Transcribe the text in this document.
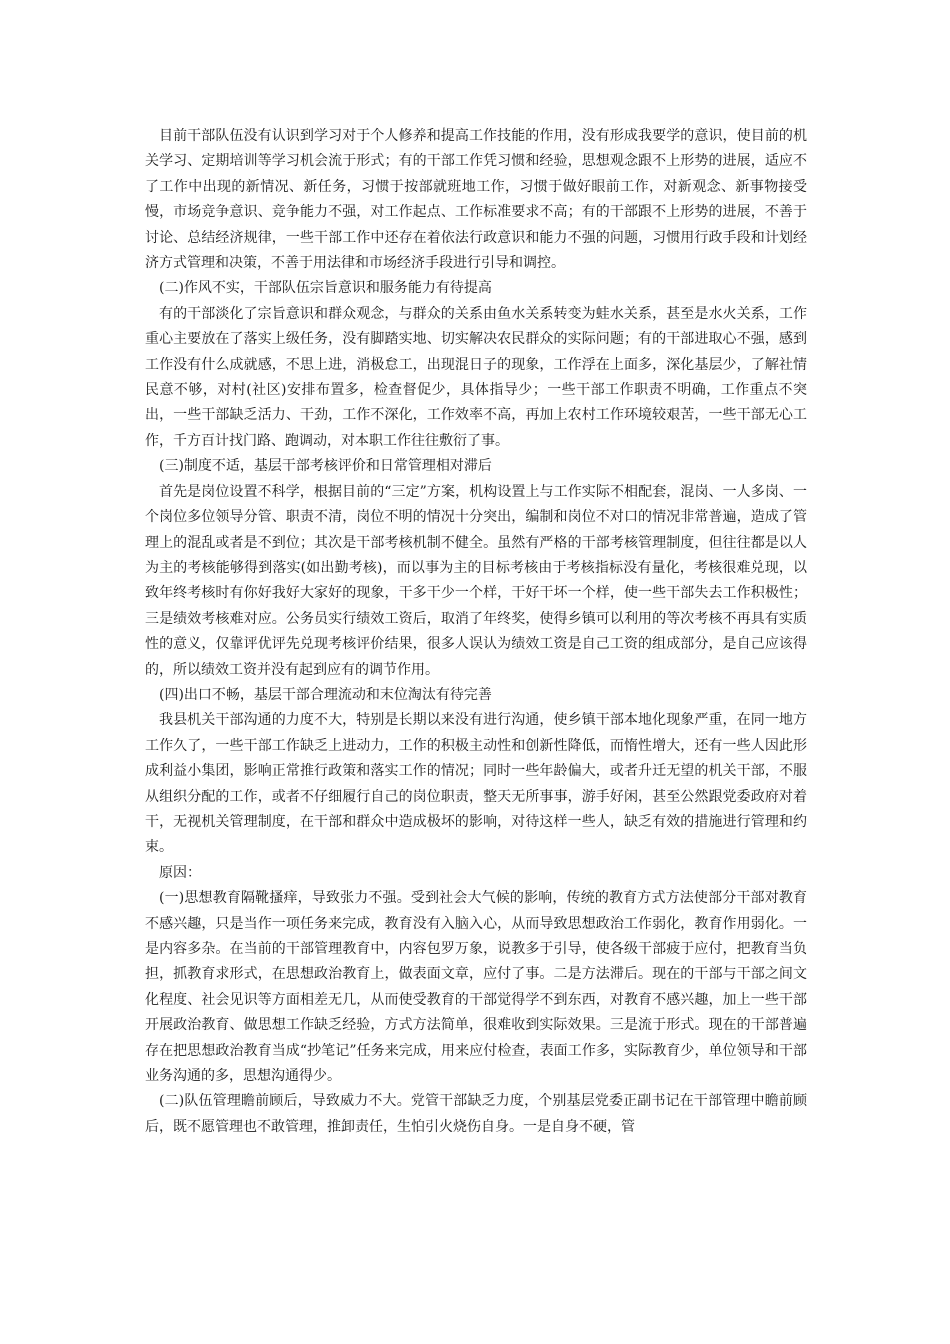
目前干部队伍没有认识到学习对于个人修养和提高工作技能的作用，没有形成我要学的意识，使目前的机关学习、定期培训等学习机会流于形式；有的干部工作凭习惯和经验，思想观念跟不上形势的进展，适应不了工作中出现的新情况、新任务，习惯于按部就班地工作，习惯于做好眼前工作，对新观念、新事物接受慢，市场竞争意识、竞争能力不强，对工作起点、工作标准要求不高；有的干部跟不上形势的进展，不善于讨论、总结经济规律，一些干部工作中还存在着依法行政意识和能力不强的问题，习惯用行政手段和计划经济方式管理和决策，不善于用法律和市场经济手段进行引导和调控。

(二)作风不实，干部队伍宗旨意识和服务能力有待提高

有的干部淡化了宗旨意识和群众观念，与群众的关系由鱼水关系转变为蛙水关系，甚至是水火关系，工作重心主要放在了落实上级任务，没有脚踏实地、切实解决农民群众的实际问题；有的干部进取心不强，感到工作没有什么成就感，不思上进，消极怠工，出现混日子的现象，工作浮在上面多，深化基层少，了解社情民意不够，对村(社区)安排布置多，检查督促少，具体指导少；一些干部工作职责不明确，工作重点不突出，一些干部缺乏活力、干劲，工作不深化，工作效率不高，再加上农村工作环境较艰苦，一些干部无心工作，千方百计找门路、跑调动，对本职工作往往敷衍了事。

(三)制度不适，基层干部考核评价和日常管理相对滞后

首先是岗位设置不科学，根据目前的“三定”方案，机构设置上与工作实际不相配套，混岗、一人多岗、一个岗位多位领导分管、职责不清，岗位不明的情况十分突出，编制和岗位不对口的情况非常普遍，造成了管理上的混乱或者是不到位；其次是干部考核机制不健全。虽然有严格的干部考核管理制度，但往往都是以人为主的考核能够得到落实(如出勤考核)，而以事为主的目标考核由于考核指标没有量化，考核很难兑现，以致年终考核时有你好我好大家好的现象，干多干少一个样，干好干坏一个样，使一些干部失去工作积极性；三是绩效考核难对应。公务员实行绩效工资后，取消了年终奖，使得乡镇可以利用的等次考核不再具有实质性的意义，仅靠评优评先兑现考核评价结果，很多人误认为绩效工资是自己工资的组成部分，是自己应该得的，所以绩效工资并没有起到应有的调节作用。

(四)出口不畅，基层干部合理流动和末位淘汰有待完善

我县机关干部沟通的力度不大，特别是长期以来没有进行沟通，使乡镇干部本地化现象严重，在同一地方工作久了，一些干部工作缺乏上进动力，工作的积极主动性和创新性降低，而惰性增大，还有一些人因此形成利益小集团，影响正常推行政策和落实工作的情况；同时一些年龄偏大，或者升迁无望的机关干部，不服从组织分配的工作，或者不仔细履行自己的岗位职责，整天无所事事，游手好闲，甚至公然跟党委政府对着干，无视机关管理制度，在干部和群众中造成极坏的影响，对待这样一些人，缺乏有效的措施进行管理和约束。

原因：

(一)思想教育隔靴搔痒，导致张力不强。受到社会大气候的影响，传统的教育方式方法使部分干部对教育不感兴趣，只是当作一项任务来完成，教育没有入脑入心，从而导致思想政治工作弱化，教育作用弱化。一是内容多杂。在当前的干部管理教育中，内容包罗万象，说教多于引导，使各级干部疲于应付，把教育当负担，抓教育求形式，在思想政治教育上，做表面文章，应付了事。二是方法滞后。现在的干部与干部之间文化程度、社会见识等方面相差无几，从而使受教育的干部觉得学不到东西，对教育不感兴趣，加上一些干部开展政治教育、做思想工作缺乏经验，方式方法简单，很难收到实际效果。三是流于形式。现在的干部普遍存在把思想政治教育当成“抄笔记”任务来完成，用来应付检查，表面工作多，实际教育少，单位领导和干部业务沟通的多，思想沟通得少。

(二)队伍管理瞻前顾后，导致威力不大。党管干部缺乏力度，个别基层党委正副书记在干部管理中瞻前顾后，既不愿管理也不敢管理，推卸责任，生怕引火烧伤自身。一是自身不硬，管
